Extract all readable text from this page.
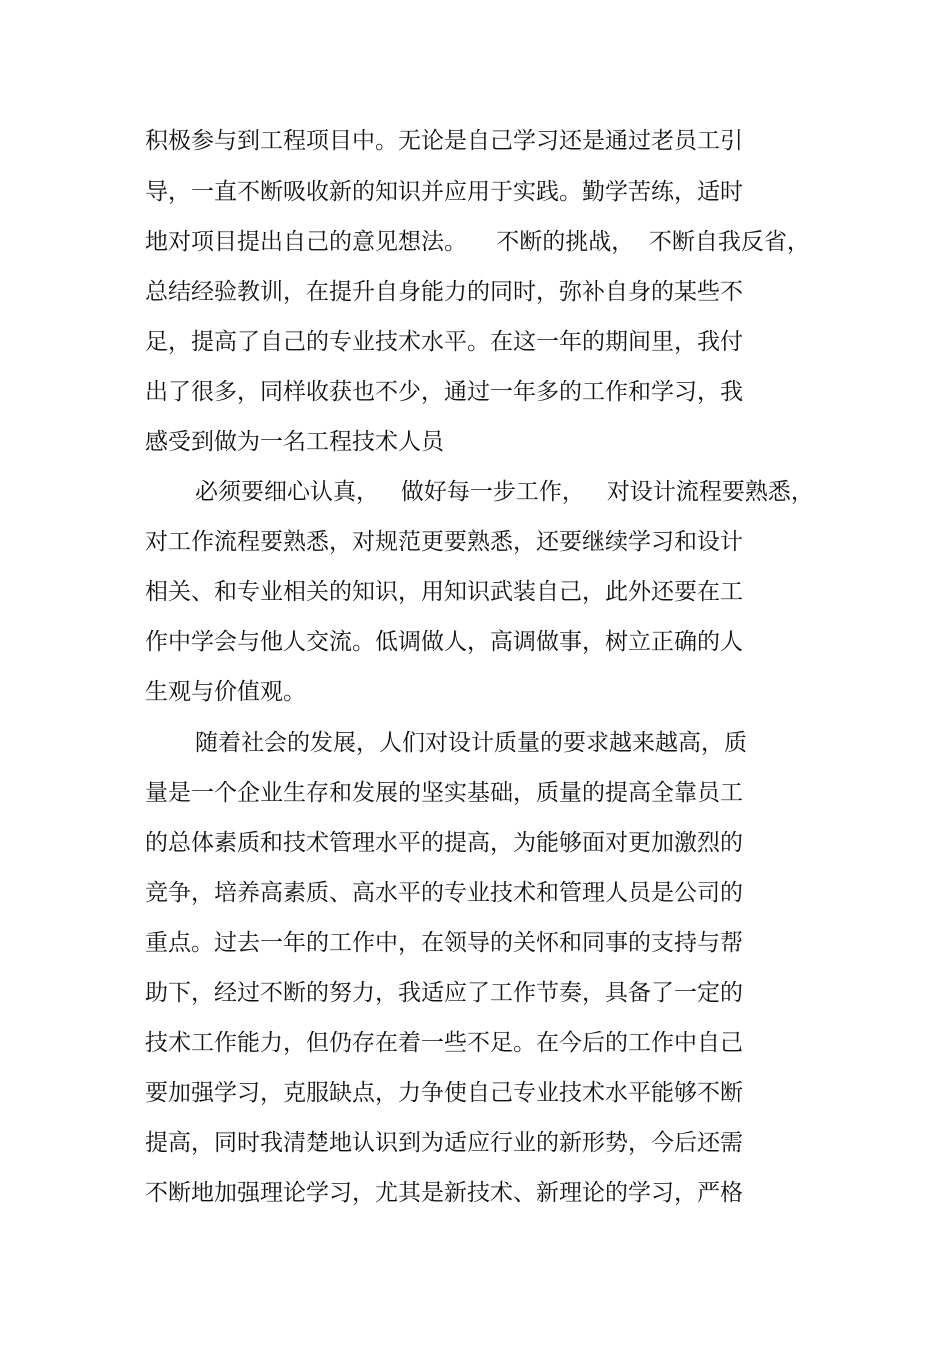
积极参与到工程项目中。无论是自己学习还是通过老员工引

导，一直不断吸收新的知识并应用于实践。勤学苦练，适时

地对项目提出自己的意见想法。    不断的挑战，  不断自我反省，

总结经验教训，在提升自身能力的同时，弥补自身的某些不

足，提高了自己的专业技术水平。在这一年的期间里，我付

出了很多，同样收获也不少，通过一年多的工作和学习，我

感受到做为一名工程技术人员

必须要细心认真，   做好每一步工作，   对设计流程要熟悉，

对工作流程要熟悉，对规范更要熟悉，还要继续学习和设计

相关、和专业相关的知识，用知识武装自己，此外还要在工

作中学会与他人交流。低调做人，高调做事，树立正确的人

生观与价值观。

随着社会的发展，人们对设计质量的要求越来越高，质

量是一个企业生存和发展的坚实基础，质量的提高全靠员工

的总体素质和技术管理水平的提高，为能够面对更加激烈的

竞争，培养高素质、高水平的专业技术和管理人员是公司的

重点。过去一年的工作中，在领导的关怀和同事的支持与帮

助下，经过不断的努力，我适应了工作节奏，具备了一定的

技术工作能力，但仍存在着一些不足。在今后的工作中自己

要加强学习，克服缺点，力争使自己专业技术水平能够不断

提高，同时我清楚地认识到为适应行业的新形势，今后还需

不断地加强理论学习，尤其是新技术、新理论的学习，严格
